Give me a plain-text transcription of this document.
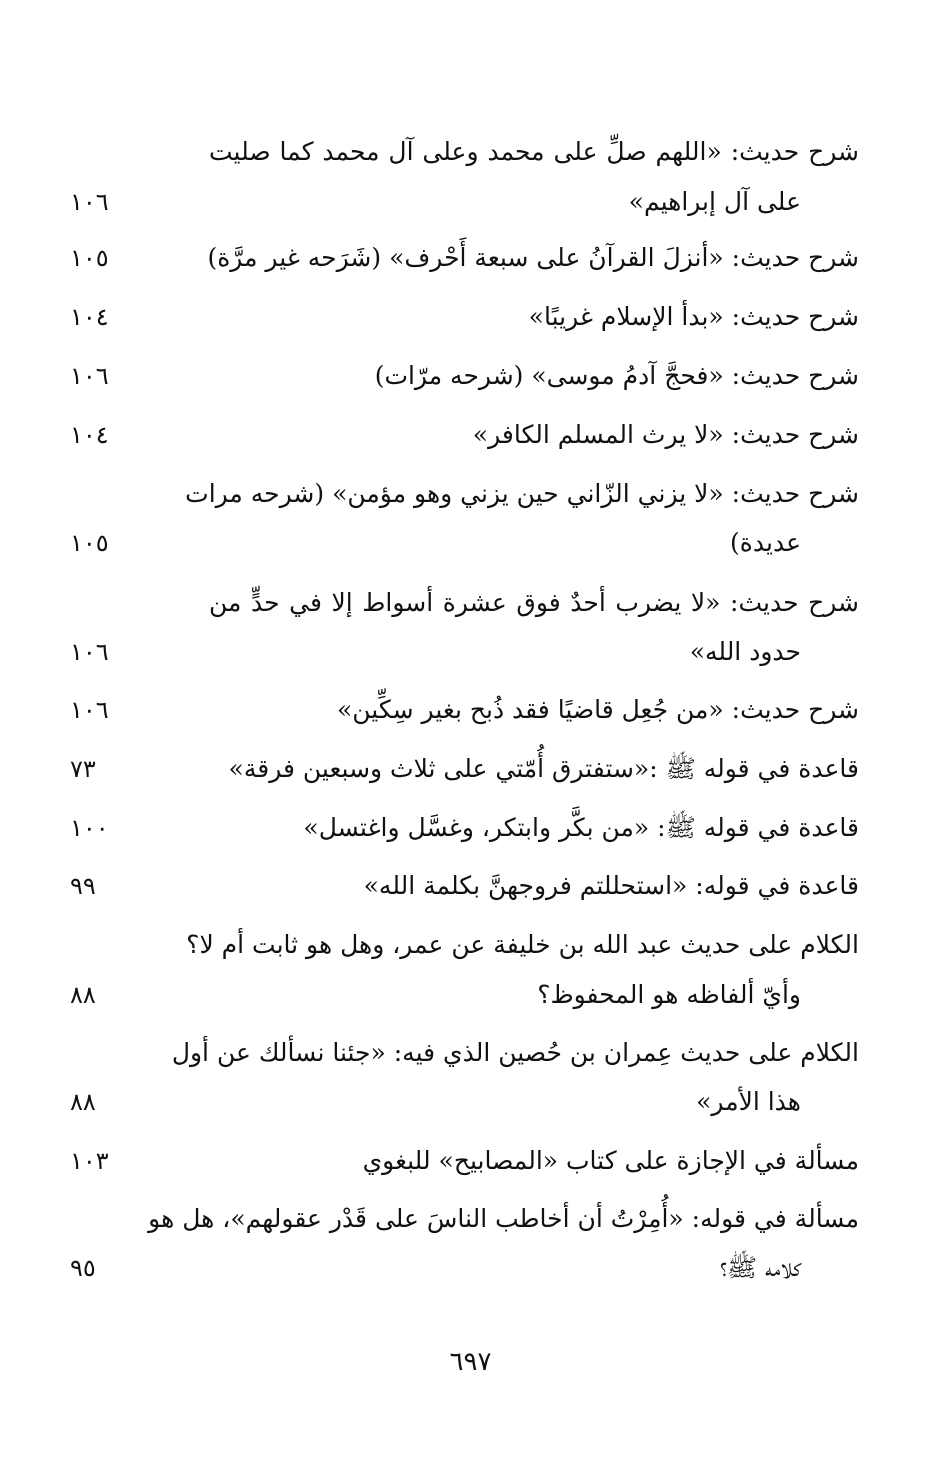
شرح حديث: «اللهم صلِّ على محمد وعلى آل محمد كما صليت
على آل إبراهيم»
١٠٦
شرح حديث: «أنزلَ القرآنُ على سبعة أَحْرف» (شَرَحه غير مرَّة)
١٠٥
شرح حديث: «بدأ الإسلام غريبًا»
١٠٤
شرح حديث: «فحجَّ آدمُ موسى» (شرحه مرّات)
١٠٦
شرح حديث: «لا يرث المسلم الكافر»
١٠٤
شرح حديث: «لا يزني الزّاني حين يزني وهو مؤمن» (شرحه مرات
عديدة)
١٠٥
شرح حديث: «لا يضرب أحدٌ فوق عشرة أسواط إلا في حدٍّ من
حدود الله»
١٠٦
شرح حديث: «من جُعِل قاضيًا فقد ذُبح بغير سِكِّين»
١٠٦
قاعدة في قوله ﷺ :«ستفترق أُمّتي على ثلاث وسبعين فرقة»
٧٣
قاعدة في قوله ﷺ: «من بكَّر وابتكر، وغسَّل واغتسل»
١٠٠
قاعدة في قوله: «استحللتم فروجهنَّ بكلمة الله»
٩٩
الكلام على حديث عبد الله بن خليفة عن عمر، وهل هو ثابت أم لا؟
وأيّ ألفاظه هو المحفوظ؟
٨٨
الكلام على حديث عِمران بن حُصين الذي فيه: «جئنا نسألك عن أول
هذا الأمر»
٨٨
مسألة في الإجازة على كتاب «المصابيح» للبغوي
١٠٣
مسألة في قوله: «أُمِرْتُ أن أخاطب الناسَ على قَدْر عقولهم»، هل هو
كلامه ﷺ؟
٩٥
٦٩٧
